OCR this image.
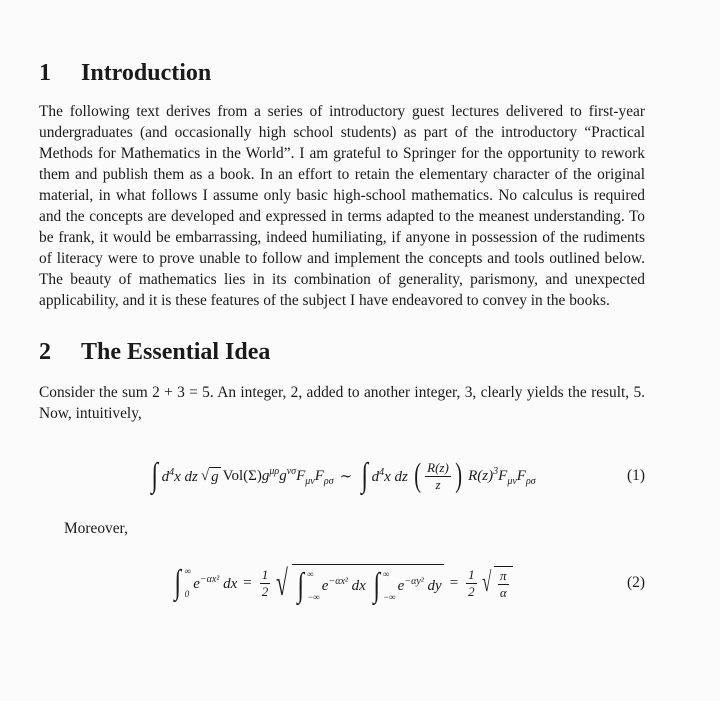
1	Introduction

The following text derives from a series of introductory guest lectures delivered to first-year undergraduates (and occasionally high school students) as part of the introductory “Practical Methods for Mathematics in the World”. I am grateful to Springer for the opportunity to rework them and publish them as a book. In an effort to retain the elementary character of the original material, in what follows I assume only basic high-school mathematics. No calculus is required and the concepts are developed and expressed in terms adapted to the meanest understanding. To be frank, it would be embarrassing, indeed humiliating, if anyone in possession of the rudiments of literacy were to prove unable to follow and implement the concepts and tools outlined below. The beauty of mathematics lies in its combination of generality, parismony, and unexpected applicability, and it is these features of the subject I have endeavored to convey in the books.

2	The Essential Idea

Consider the sum 2 + 3 = 5. An integer, 2, added to another integer, 3, clearly yields the result, 5. Now, intuitively,

∫ $d^4x$ dz √ g Vol(Σ) $g^{\mu\rho}g^{\nu\sigma}F_{\mu\nu}F_{\rho\sigma}$ ∼ ∫ $d^4x$ dz ( $\frac{R(z)}{z}$ ) $R(z)^3F_{\mu\nu}F_{\rho\sigma}$	(1)
Moreover,
∫ ∞
0
$e^{-\alpha x^2}$ dx = $\frac{1}{2}$ √ ∫ ∞
−∞
$e^{-\alpha x^2}$ dx ∫ ∞
−∞
$e^{-\alpha y^2}$ dy = $\frac{1}{2}$ √ $\frac{\pi}{\alpha}$	(2)
